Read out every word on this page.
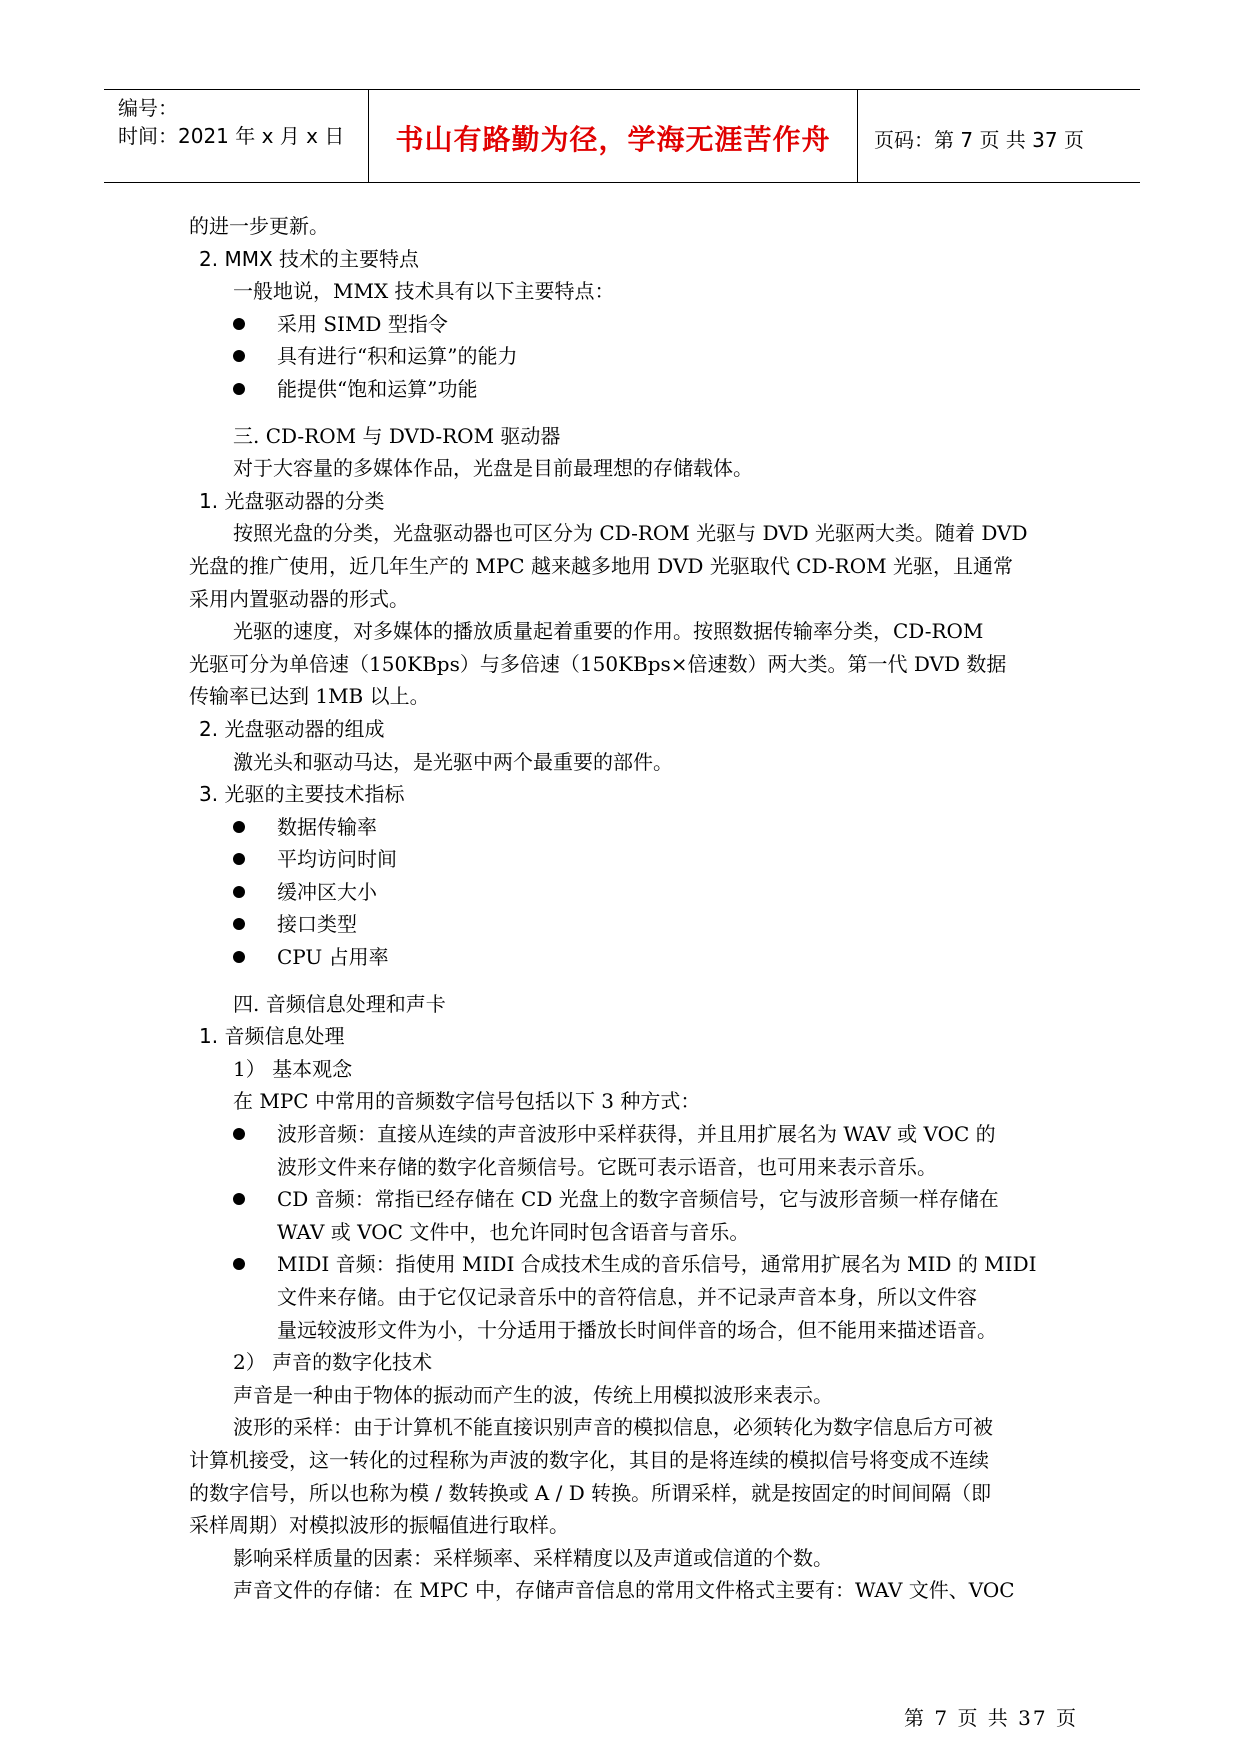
编号：
时间：2021 年 x 月 x 日	书山有路勤为径，学海无涯苦作舟	页码：第 7 页 共 37 页
的进一步更新。
2. MMX 技术的主要特点
一般地说，MMX 技术具有以下主要特点：
采用 SIMD 型指令
具有进行“积和运算”的能力
能提供“饱和运算”功能
三. CD-ROM 与 DVD-ROM 驱动器
对于大容量的多媒体作品，光盘是目前最理想的存储载体。
1. 光盘驱动器的分类
按照光盘的分类，光盘驱动器也可区分为 CD-ROM 光驱与 DVD 光驱两大类。随着 DVD
光盘的推广使用，近几年生产的 MPC 越来越多地用 DVD 光驱取代 CD-ROM 光驱，且通常
采用内置驱动器的形式。
光驱的速度，对多媒体的播放质量起着重要的作用。按照数据传输率分类，CD-ROM
光驱可分为单倍速（150KBps）与多倍速（150KBps×倍速数）两大类。第一代 DVD 数据
传输率已达到 1MB 以上。
2. 光盘驱动器的组成
激光头和驱动马达，是光驱中两个最重要的部件。
3. 光驱的主要技术指标
数据传输率
平均访问时间
缓冲区大小
接口类型
CPU 占用率
四. 音频信息处理和声卡
1. 音频信息处理
1） 基本观念
在 MPC 中常用的音频数字信号包括以下 3 种方式：
波形音频：直接从连续的声音波形中采样获得，并且用扩展名为 WAV 或 VOC 的
波形文件来存储的数字化音频信号。它既可表示语音，也可用来表示音乐。
CD 音频：常指已经存储在 CD 光盘上的数字音频信号，它与波形音频一样存储在
WAV 或 VOC 文件中，也允许同时包含语音与音乐。
MIDI 音频：指使用 MIDI 合成技术生成的音乐信号，通常用扩展名为 MID 的 MIDI
文件来存储。由于它仅记录音乐中的音符信息，并不记录声音本身，所以文件容
量远较波形文件为小，十分适用于播放长时间伴音的场合，但不能用来描述语音。
2） 声音的数字化技术
声音是一种由于物体的振动而产生的波，传统上用模拟波形来表示。
波形的采样：由于计算机不能直接识别声音的模拟信息，必须转化为数字信息后方可被
计算机接受，这一转化的过程称为声波的数字化，其目的是将连续的模拟信号将变成不连续
的数字信号，所以也称为模 / 数转换或 A / D 转换。所谓采样，就是按固定的时间间隔（即
采样周期）对模拟波形的振幅值进行取样。
影响采样质量的因素：采样频率、采样精度以及声道或信道的个数。
声音文件的存储：在 MPC 中，存储声音信息的常用文件格式主要有：WAV 文件、VOC
第 7 页 共 37 页
